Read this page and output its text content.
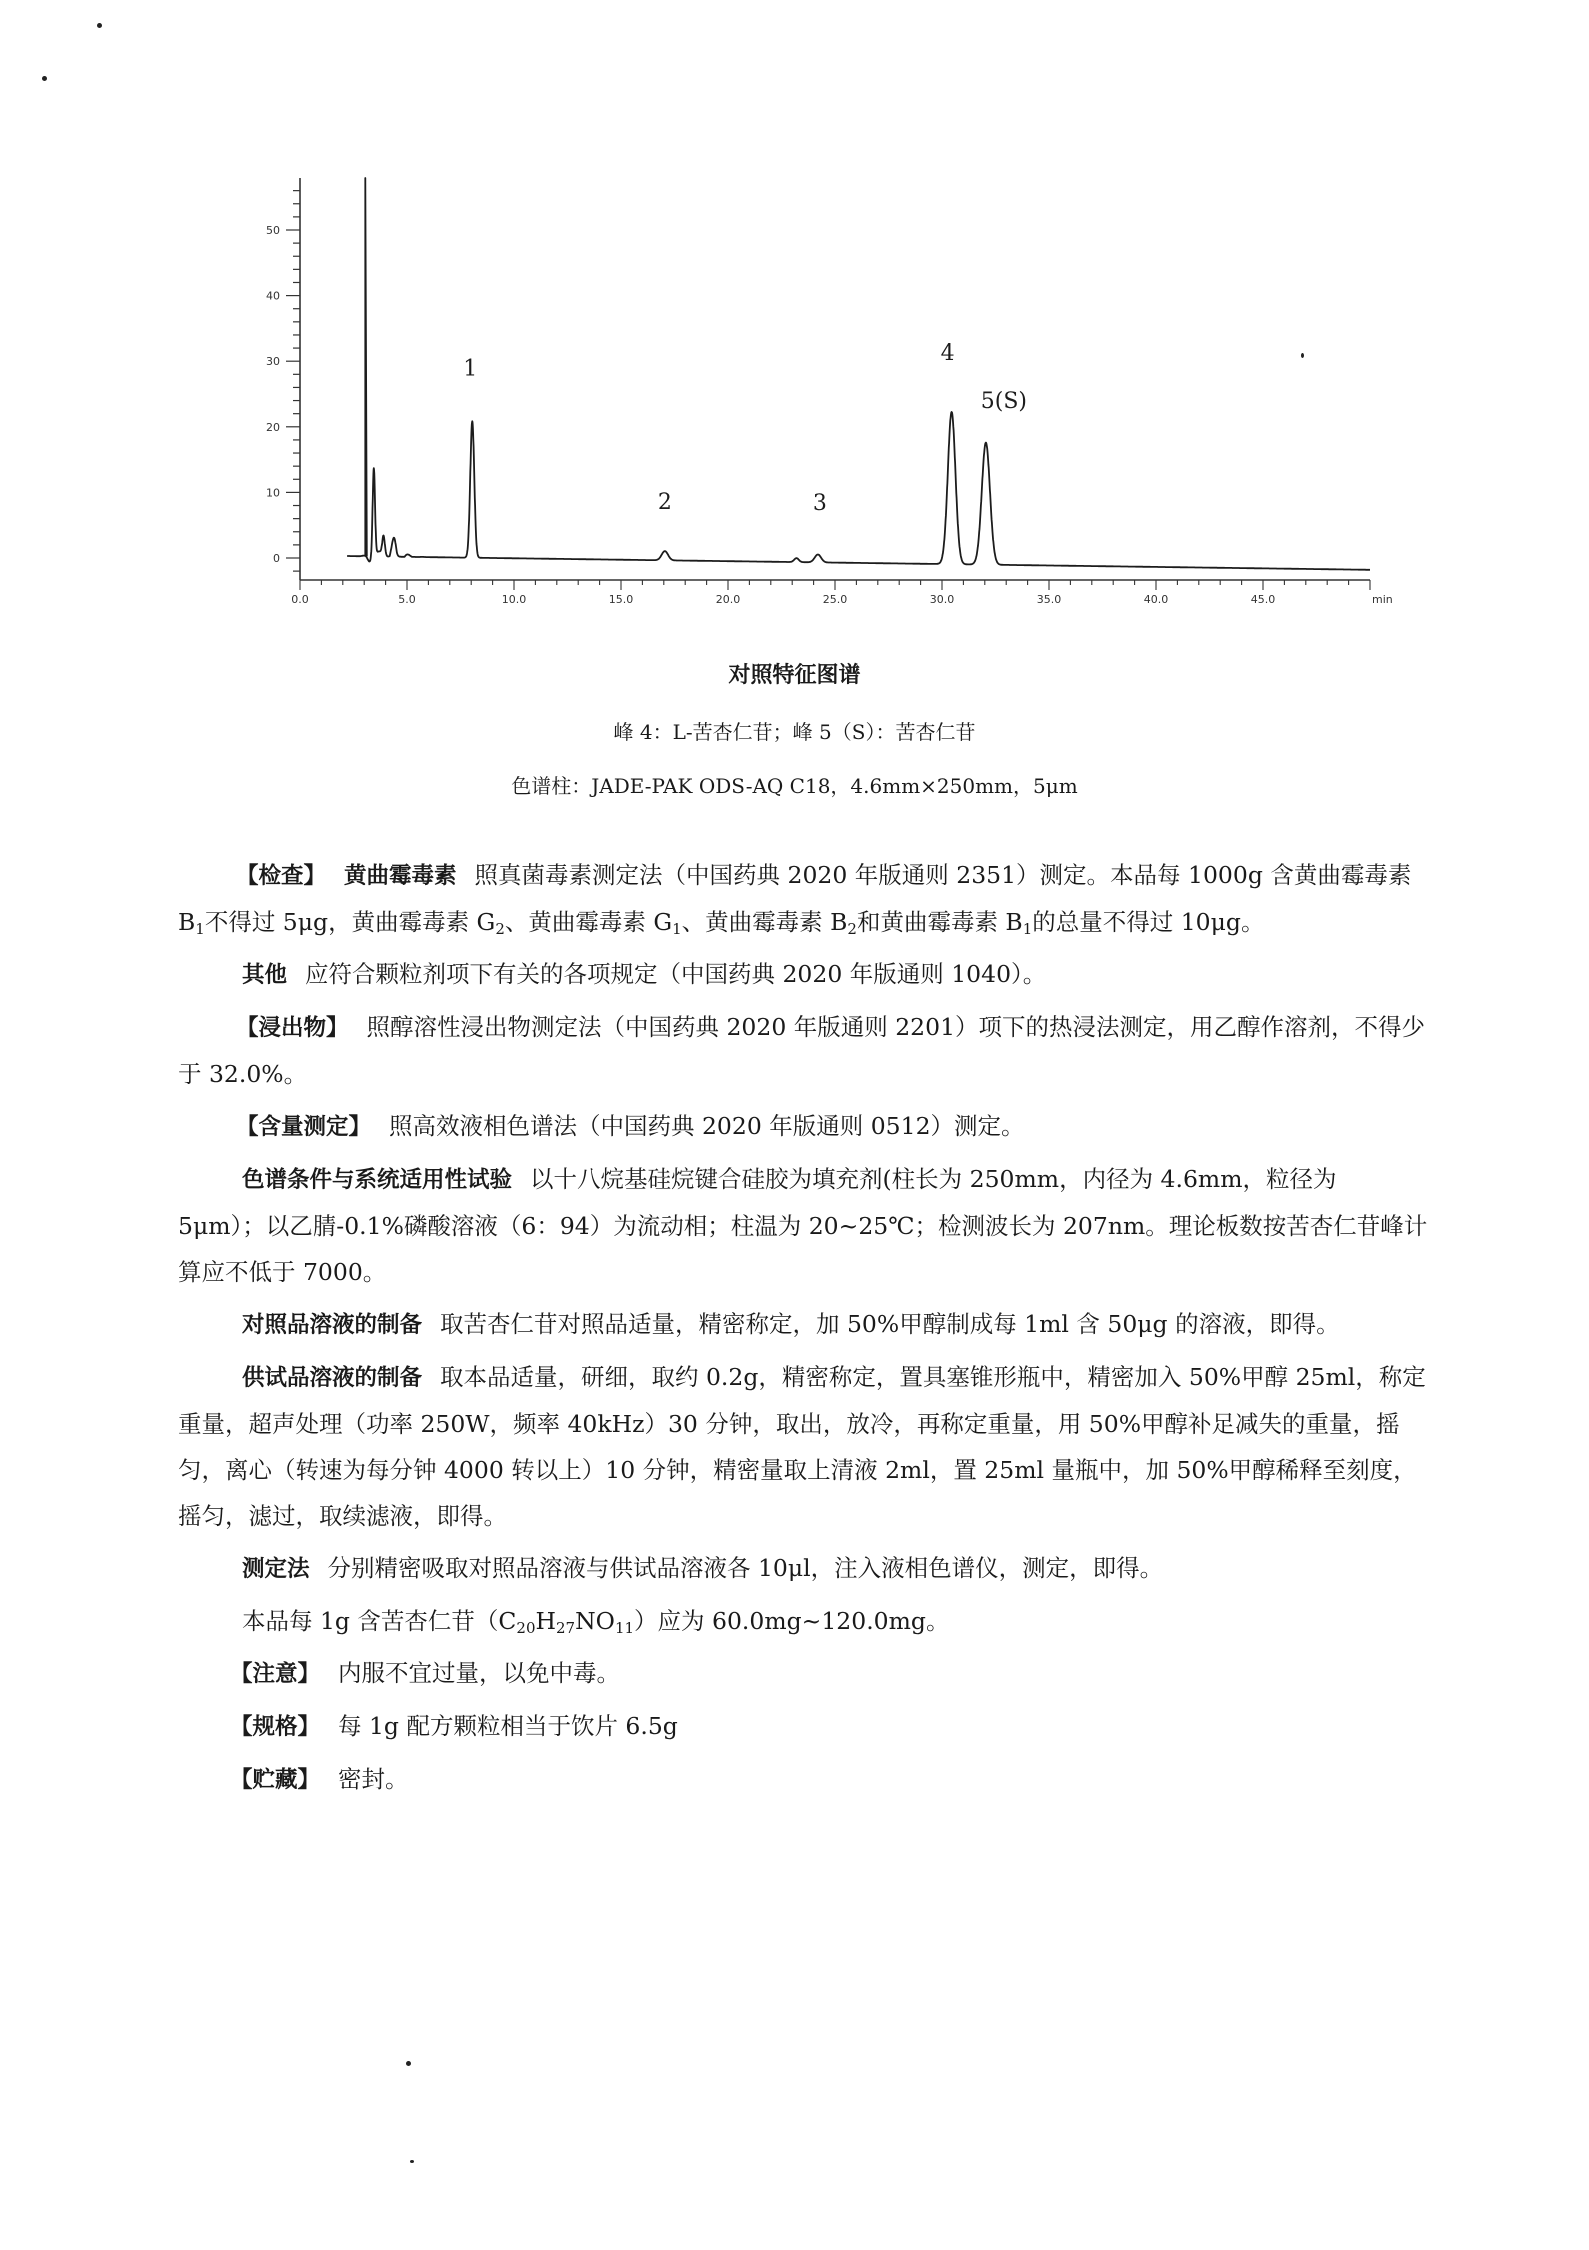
0
10
20
30
40
50
0.0	5.0	10.0	15.0	20.0	25.0	30.0	35.0	40.0	45.0	min
1
2	3
4
5(S)
对照特征图谱
峰 4：L-苦杏仁苷；峰 5（S）：苦杏仁苷
色谱柱：JADE-PAK ODS-AQ C18，4.6mm×250mm，5μm

【检查】 黄曲霉毒素 照真菌毒素测定法（中国药典 2020 年版通则 2351）测定。本品每 1000g 含黄曲霉毒素 $B_1$不得过 5μg，黄曲霉毒素 $G_2$、黄曲霉毒素 $G_1$、黄曲霉毒素 $B_2$和黄曲霉毒素 $B_1$的总量不得过 10μg。

其他 应符合颗粒剂项下有关的各项规定（中国药典 2020 年版通则 1040）。

【浸出物】 照醇溶性浸出物测定法（中国药典 2020 年版通则 2201）项下的热浸法测定，用乙醇作溶剂，不得少于 32.0%。

【含量测定】 照高效液相色谱法（中国药典 2020 年版通则 0512）测定。

色谱条件与系统适用性试验 以十八烷基硅烷键合硅胶为填充剂(柱长为 250mm，内径为 4.6mm，粒径为 5μm）；以乙腈-0.1%磷酸溶液（6：94）为流动相；柱温为 20~25℃；检测波长为 207nm。理论板数按苦杏仁苷峰计算应不低于 7000。

对照品溶液的制备 取苦杏仁苷对照品适量，精密称定，加 50%甲醇制成每 1ml 含 50μg 的溶液，即得。

供试品溶液的制备 取本品适量，研细，取约 0.2g，精密称定，置具塞锥形瓶中，精密加入 50%甲醇 25ml，称定重量，超声处理（功率 250W，频率 40kHz）30 分钟，取出，放冷，再称定重量，用 50%甲醇补足减失的重量，摇匀，离心（转速为每分钟 4000 转以上）10 分钟，精密量取上清液 2ml，置 25ml 量瓶中，加 50%甲醇稀释至刻度，摇匀，滤过，取续滤液，即得。

测定法 分别精密吸取对照品溶液与供试品溶液各 10μl，注入液相色谱仪，测定，即得。

本品每 1g 含苦杏仁苷$(C_{20}H_{27}NO_{11})$应为 60.0mg~120.0mg。

【注意】 内服不宜过量，以免中毒。

【规格】 每 1g 配方颗粒相当于饮片 6.5g

【贮藏】 密封。
